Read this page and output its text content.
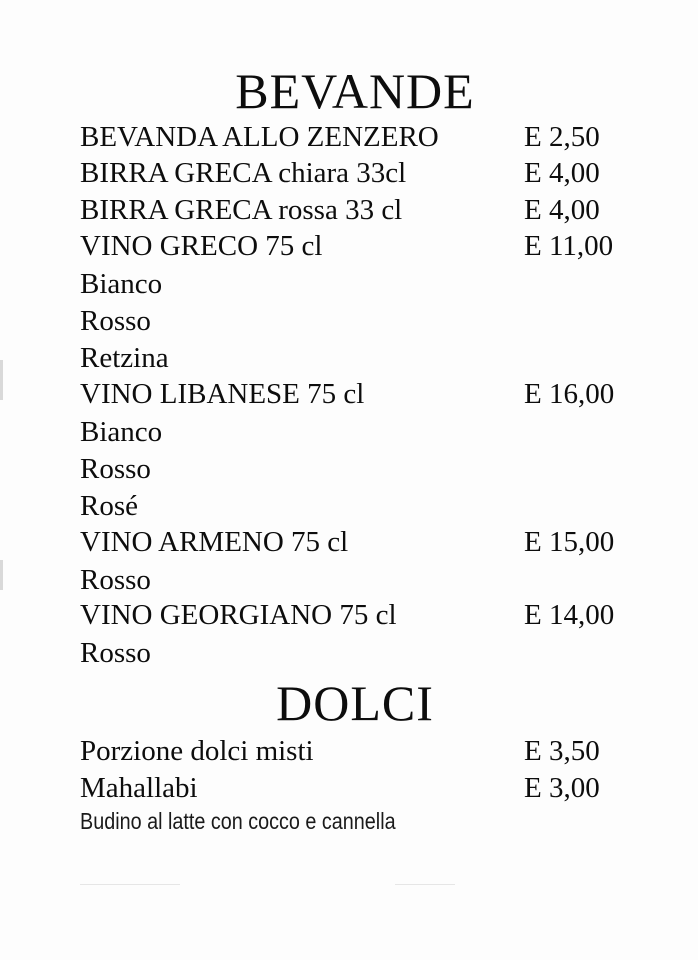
BEVANDE
BEVANDA ALLO ZENZERO	E 2,50
BIRRA GRECA chiara 33cl	E 4,00
BIRRA GRECA rossa 33 cl	E 4,00
VINO GRECO 75 cl	E 11,00
Bianco
Rosso
Retzina
VINO LIBANESE 75 cl	E 16,00
Bianco
Rosso
Rosé
VINO ARMENO 75 cl	E 15,00
Rosso
VINO GEORGIANO 75 cl	E 14,00
Rosso
DOLCI
Porzione dolci misti	E 3,50
Mahallabi	E 3,00
Budino al latte con cocco e cannella
